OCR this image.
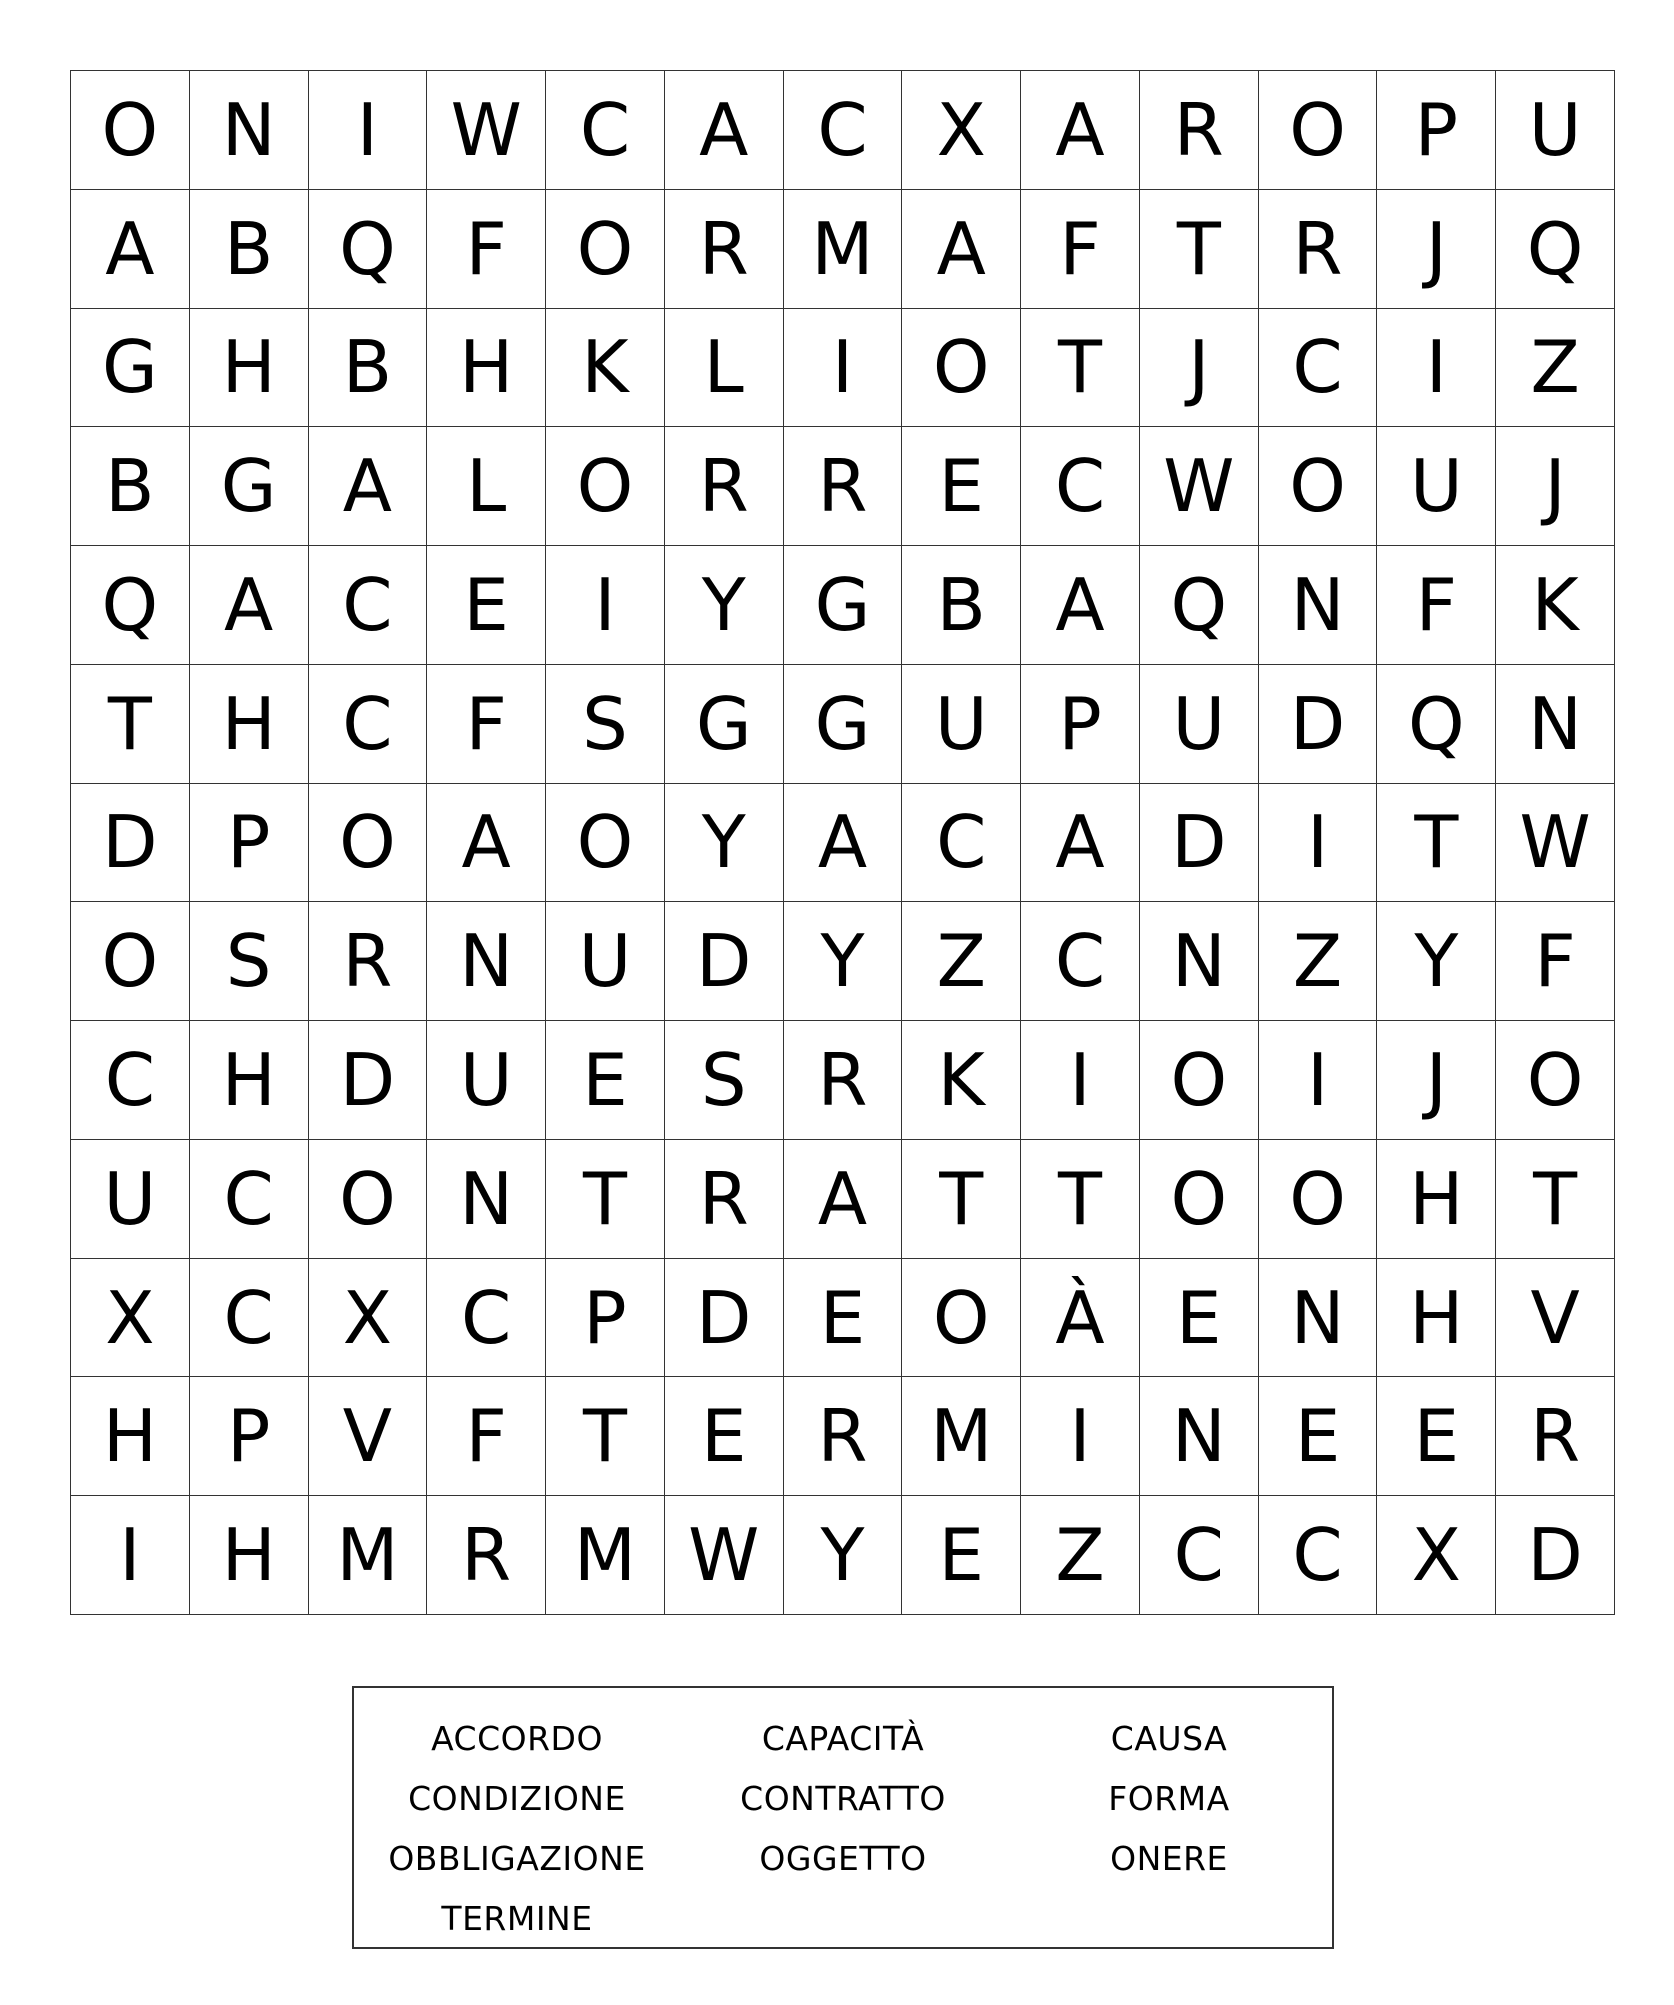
O N	I	W C A C X A R O P U
A B Q F O R M A	F	T R	J	Q
G H B H K	L	I	O T	J	C	I	Z
B G A	L O R R E C W O U	J
Q A C E	I	Y G B A Q N F	K
T H C	F	S G G U P U D Q N
D P O A O Y	A C A D	I	T W
O S R N U D Y	Z C N Z	Y	F
C H D U E	S R K	I	O	I	J	O
U C O N T R A	T	T O O H T
X C X C P D E O À E N H V
H P	V	F	T	E R M	I	N E	E R
I	H M R M W Y	E Z C C X D
ACCORDO	CAPACITÀ	CAUSA
CONDIZIONE	CONTRATTO	FORMA
OBBLIGAZIONE	OGGETTO	ONERE
TERMINE
